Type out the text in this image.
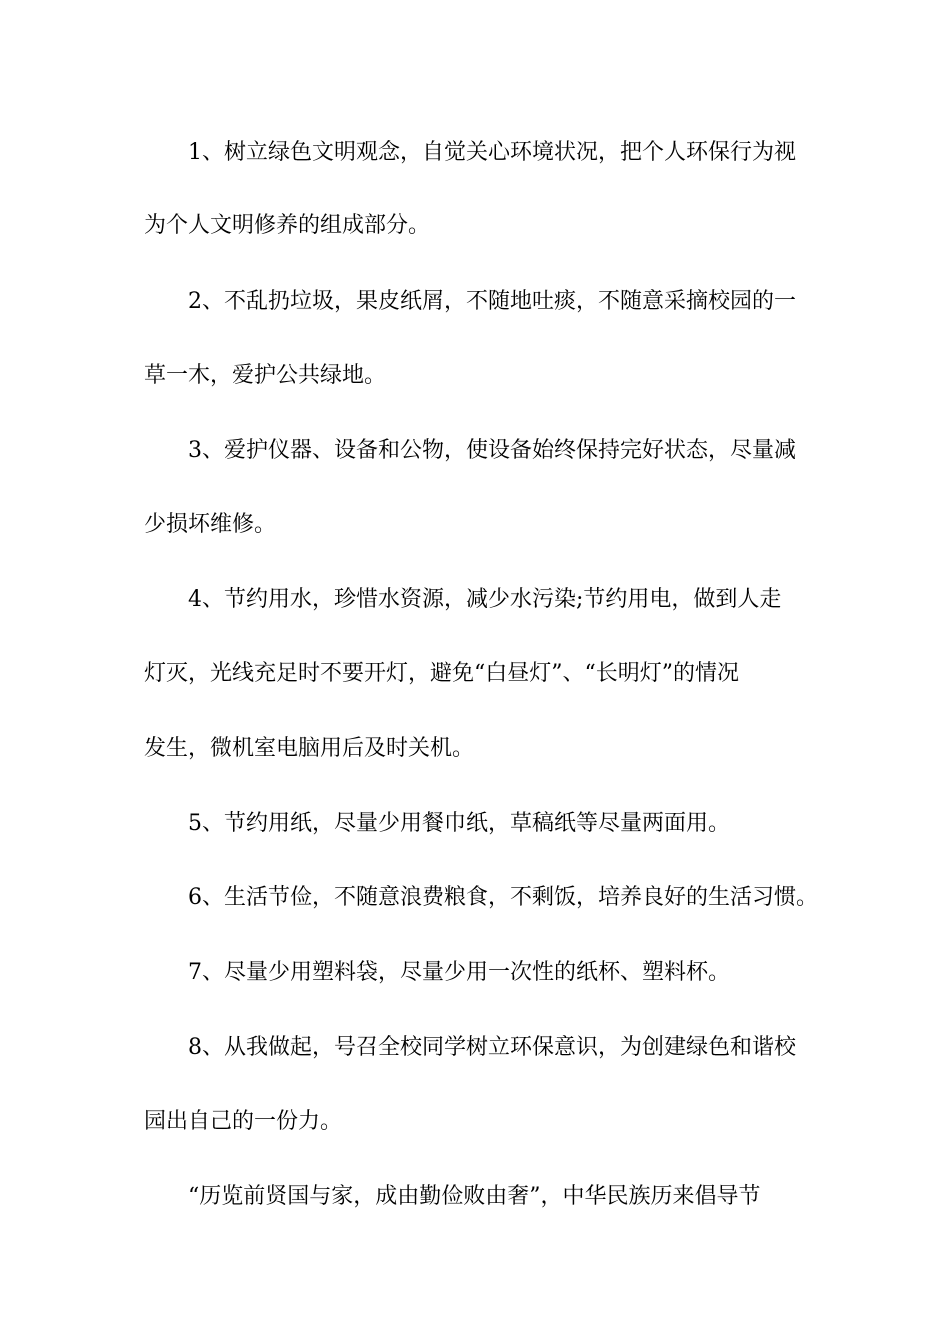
1、树立绿色文明观念，自觉关心环境状况，把个人环保行为视
为个人文明修养的组成部分。
2、不乱扔垃圾，果皮纸屑，不随地吐痰，不随意采摘校园的一
草一木，爱护公共绿地。
3、爱护仪器、设备和公物，使设备始终保持完好状态，尽量减
少损坏维修。
4、节约用水，珍惜水资源，减少水污染;节约用电，做到人走
灯灭，光线充足时不要开灯，避免“白昼灯”、“长明灯”的情况
发生，微机室电脑用后及时关机。
5、节约用纸，尽量少用餐巾纸，草稿纸等尽量两面用。
6、生活节俭，不随意浪费粮食，不剩饭，培养良好的生活习惯。
7、尽量少用塑料袋，尽量少用一次性的纸杯、塑料杯。
8、从我做起，号召全校同学树立环保意识，为创建绿色和谐校
园出自己的一份力。
“历览前贤国与家，成由勤俭败由奢”，中华民族历来倡导节
